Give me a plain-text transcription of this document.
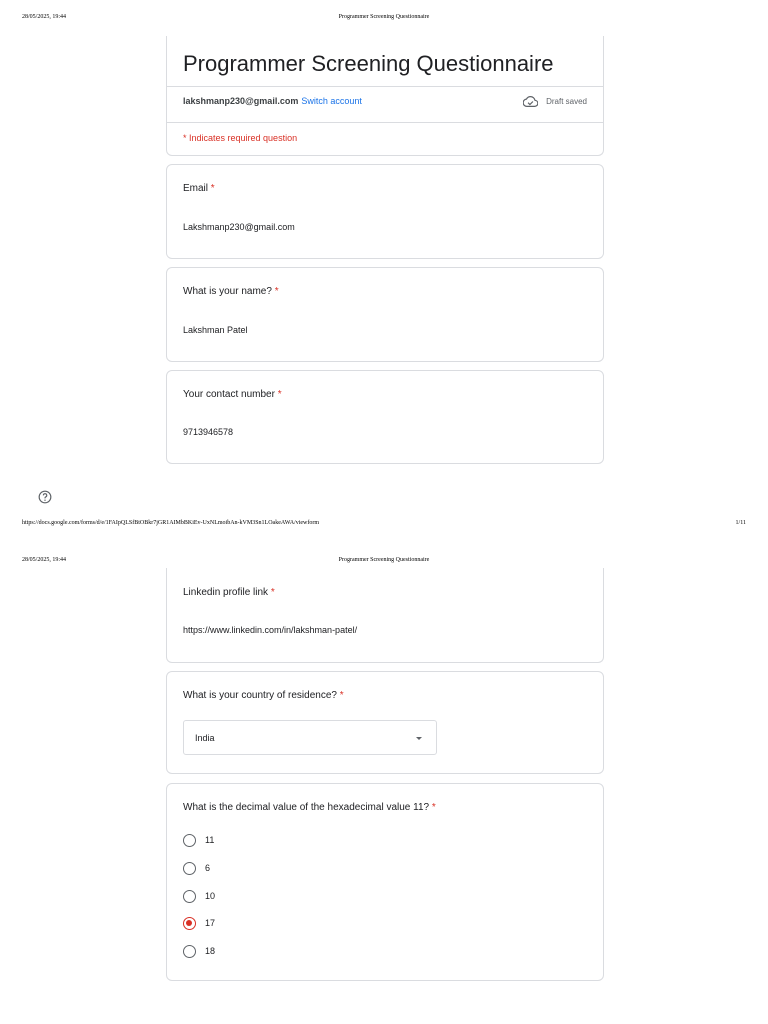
28/05/2025, 19:44	Programmer Screening Questionnaire
Programmer Screening Questionnaire
lakshmanp230@gmail.com Switch account	Draft saved
* Indicates required question
Email *
Lakshmanp230@gmail.com
What is your name? *
Lakshman Patel
Your contact number *
9713946578
https://docs.google.com/forms/d/e/1FAIpQLSfBtOBkr7jGR1AIMbBKiEv-UxNLmoibAn-kVM3Sn1LOakeAWA/viewform	1/11
28/05/2025, 19:44	Programmer Screening Questionnaire
Linkedin profile link *
https://www.linkedin.com/in/lakshman-patel/
What is your country of residence? *
India
What is the decimal value of the hexadecimal value 11? *
11
6
10
17
18
